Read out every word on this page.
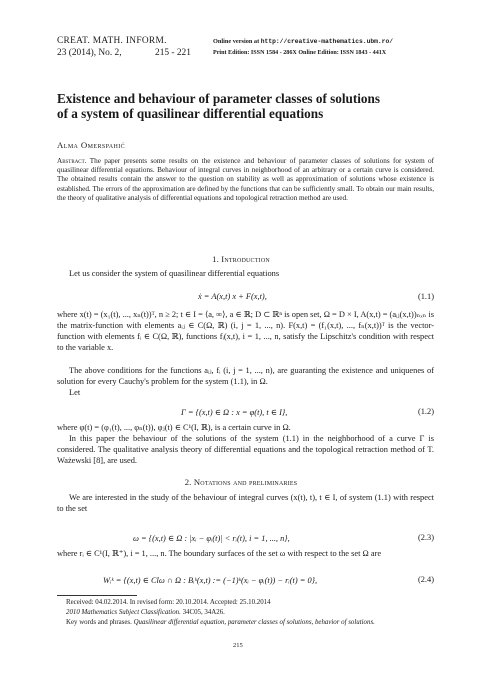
CREAT. MATH. INFORM.
23 (2014), No. 2,	215 - 221
Online version at http://creative-mathematics.ubm.ro/
Print Edition: ISSN 1584 - 286X Online Edition: ISSN 1843 - 441X
Existence and behaviour of parameter classes of solutions
of a system of quasilinear differential equations
Alma Omerspahić
Abstract. The paper presents some results on the existence and behaviour of parameter classes of solutions for system of quasilinear differential equations. Behaviour of integral curves in neighborhood of an arbitrary or a certain curve is considered. The obtained results contain the answer to the question on stability as well as approximation of solutions whose existence is established. The errors of the approximation are defined by the functions that can be sufficiently small. To obtain our main results, the theory of qualitative analysis of differential equations and topological retraction method are used.
1. Introduction
Let us consider the system of quasilinear differential equations
ẋ = A(x,t) x + F(x,t),	(1.1)
where x(t) = (x₁(t), ..., xₙ(t))ᵀ, n ≥ 2; t ∈ I = ⟨a, ∞⟩, a ∈ ℝ; D ⊂ ℝⁿ is open set, Ω = D × I, A(x,t) = (aᵢⱼ(x,t))ₙₓₙ is the matrix-function with elements aᵢⱼ ∈ C(Ω, ℝ) (i, j = 1, ..., n). F(x,t) = (f₁(x,t), ..., fₙ(x,t))ᵀ is the vector-function with elements fᵢ ∈ C(Ω, ℝ), functions fᵢ(x,t), i = 1, ..., n, satisfy the Lipschitz's condition with respect to the variable x.
The above conditions for the functions aᵢⱼ, fᵢ (i, j = 1, ..., n), are guaranting the existence and uniquenes of solution for every Cauchy's problem for the system (1.1), in Ω.
Let
Γ = {(x,t) ∈ Ω : x = φ(t), t ∈ I},	(1.2)
where φ(t) = (φ₁(t), ..., φₙ(t)), φⱼ(t) ∈ C¹(I, ℝ), is a certain curve in Ω.
In this paper the behaviour of the solutions of the system (1.1) in the neighborhood of a curve Γ is considered. The qualitative analysis theory of differential equations and the topological retraction method of T. Ważewski [8], are used.
2. Notations and preliminaries
We are interested in the study of the behaviour of integral curves (x(t), t), t ∈ I, of system (1.1) with respect to the set
ω = {(x,t) ∈ Ω : |xᵢ − φᵢ(t)| < rᵢ(t), i = 1, ..., n},	(2.3)
where rᵢ ∈ C¹(I, ℝ⁺), i = 1, ..., n. The boundary surfaces of the set ω with respect to the set Ω are
Wᵢᵏ = {(x,t) ∈ Clω ∩ Ω : Bᵢᵏ(x,t) := (−1)ᵏ(xᵢ − φᵢ(t)) − rᵢ(t) = 0},	(2.4)
Received: 04.02.2014. In revised form: 20.10.2014. Accepted: 25.10.2014
2010 Mathematics Subject Classification. 34C05, 34A26.
Key words and phrases. Quasilinear differential equation, parameter classes of solutions, behavior of solutions.
215
